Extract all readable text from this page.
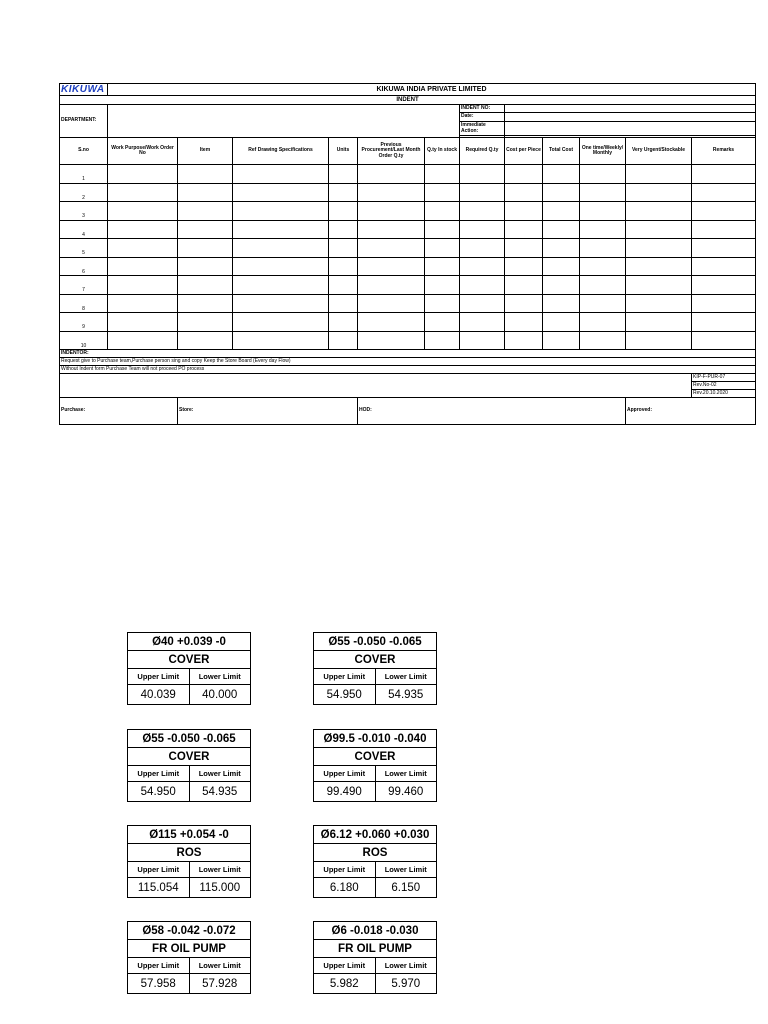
KIKUWA	KIKUWA INDIA PRIVATE LIMITED											
INDENT												
DEPARTMENT:							INDENT NO:					
							Date:					
							Immediate Action:					

S.no	Work Purpose/Work Order No	Item	Ref Drawing Specifications	Units	Previous Procurement/Last Month Order Q.ty	Q.ty In stock	Required Q.ty	Cost per Piece	Total Cost	One time/Weekly/ Monthly	Very Urgent/Stockable	Remarks
1												
2												
3												
4												
5												
6												
7												
8												
9												
10												
INDENTOR:												
Request give to Purchase team,Purchase person sing and copy Keep the Store Board (Every day Flow)												
Without Indent form Purchase Team will not proceed PO process												
												KIP-F-PUR-07
												Rev.No-02
												Rev.20.10.2020
Purchase:		Store:			HOD:						Approved:	
Ø40 +0.039 -0	
COVER	
Upper Limit	Lower Limit
40.039	40.000
Ø55 -0.050 -0.065	
COVER	
Upper Limit	Lower Limit
54.950	54.935
Ø55 -0.050 -0.065	
COVER	
Upper Limit	Lower Limit
54.950	54.935
Ø99.5 -0.010 -0.040	
COVER	
Upper Limit	Lower Limit
99.490	99.460
Ø115 +0.054 -0	
ROS	
Upper Limit	Lower Limit
115.054	115.000
Ø6.12 +0.060 +0.030	
ROS	
Upper Limit	Lower Limit
6.180	6.150
Ø58 -0.042 -0.072	
FR OIL PUMP	
Upper Limit	Lower Limit
57.958	57.928
Ø6 -0.018 -0.030	
FR OIL PUMP	
Upper Limit	Lower Limit
5.982	5.970
